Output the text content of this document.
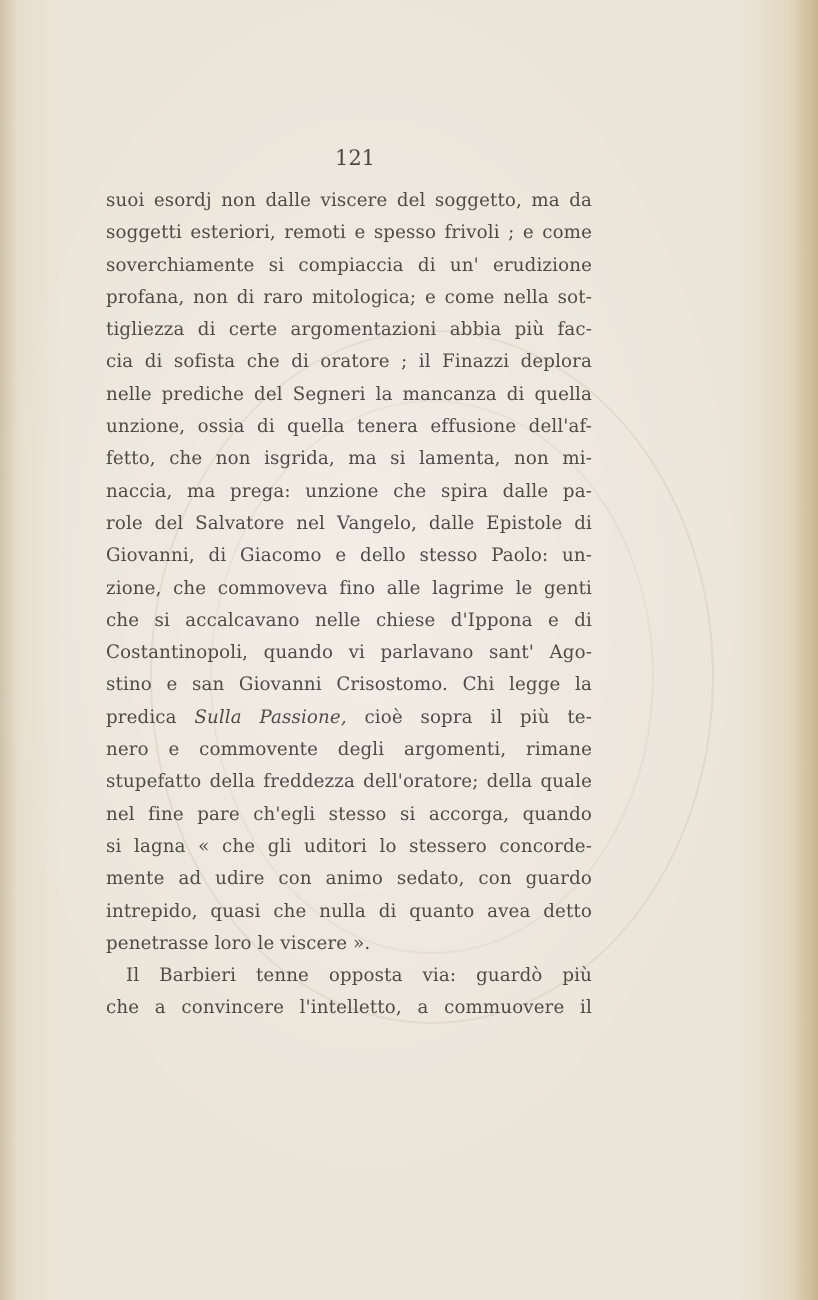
121
suoi esordj non dalle viscere del soggetto, ma da
soggetti esteriori, remoti e spesso frivoli ; e come
soverchiamente si compiaccia di un' erudizione
profana, non di raro mitologica; e come nella sot-
tigliezza di certe argomentazioni abbia più fac-
cia di sofista che di oratore ; il Finazzi deplora
nelle prediche del Segneri la mancanza di quella
unzione, ossia di quella tenera effusione dell'af-
fetto, che non isgrida, ma si lamenta, non mi-
naccia, ma prega: unzione che spira dalle pa-
role del Salvatore nel Vangelo, dalle Epistole di
Giovanni, di Giacomo e dello stesso Paolo: un-
zione, che commoveva fino alle lagrime le genti
che si accalcavano nelle chiese d'Ippona e di
Costantinopoli, quando vi parlavano sant' Ago-
stino e san Giovanni Crisostomo. Chi legge la
predica Sulla Passione, cioè sopra il più te-
nero e commovente degli argomenti, rimane
stupefatto della freddezza dell'oratore; della quale
nel fine pare ch'egli stesso si accorga, quando
si lagna « che gli uditori lo stessero concorde-
mente ad udire con animo sedato, con guardo
intrepido, quasi che nulla di quanto avea detto
penetrasse loro le viscere ».
Il Barbieri tenne opposta via: guardò più
che a convincere l'intelletto, a commuovere il
